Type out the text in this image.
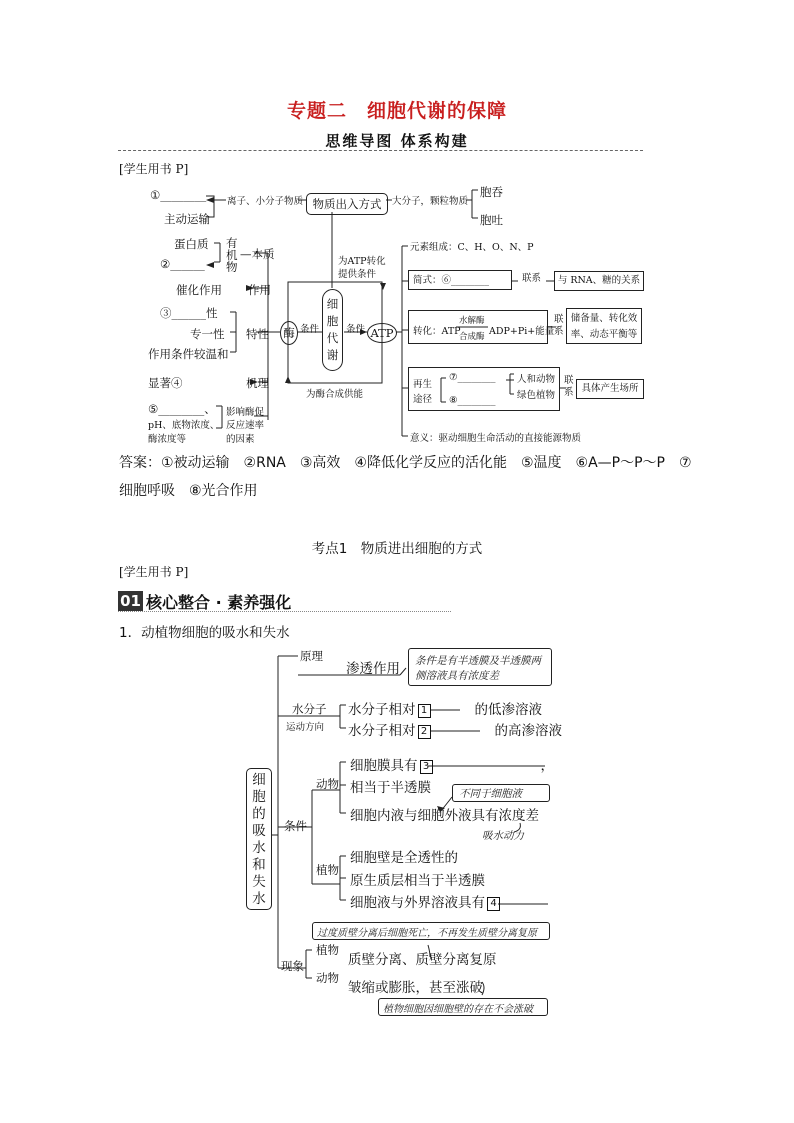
专题二　细胞代谢的保障
思维导图 体系构建
[学生用书 P]
①________
主动运输
离子、小分子物质 物质出入方式	大分子，颗粒物质
胞吞
胞吐
蛋白质
②______
有
机
物
—本质
催化作用 作用
③______性
专一性 特性
作用条件较温和
酶 条件	条件
细
胞
代
谢
ATP
为ATP转化
提供条件
为酶合成供能
显著④	机理
⑤________、
pH、底物浓度、
酶浓度等
影响酶促
反应速率
的因素
元素组成：C、H、O、N、P
简式：⑥________	联系	与 RNA、糖的关系
转化：ATP
水解酶
合成酶 ADP+Pi+能量
联
系
储备量、转化效
率、动态平衡等
再生
途径
⑦________
⑧________
人和动物
绿色植物
联
系 具体产生场所
意义：驱动细胞生命活动的直接能源物质
答案：①被动运输　②RNA　③高效　④降低化学反应的活化能　⑤温度　⑥A—P～P～P　⑦
细胞呼吸　⑧光合作用
考点1　物质进出细胞的方式
[学生用书 P]
01 核心整合 · 素养强化
1．动植物细胞的吸水和失水
细
胞
的
吸
水
和
失
水
原理
渗透作用 条件是有半透膜及半透膜两
侧溶液具有浓度差
水分子
运动方向
水分子相对 1	的低渗溶液
水分子相对 2	的高渗溶液
动物
细胞膜具有 3	，
相当于半透膜	不同于细胞液
细胞内液与细胞外液具有浓度差
吸水动力
条件
植物
细胞壁是全透性的
原生质层相当于半透膜
细胞液与外界溶液具有 4
现象
过度质壁分离后细胞死亡，不再发生质壁分离复原
植物
质壁分离、质壁分离复原
动物
皱缩或膨胀，甚至涨破
植物细胞因细胞壁的存在不会涨破
